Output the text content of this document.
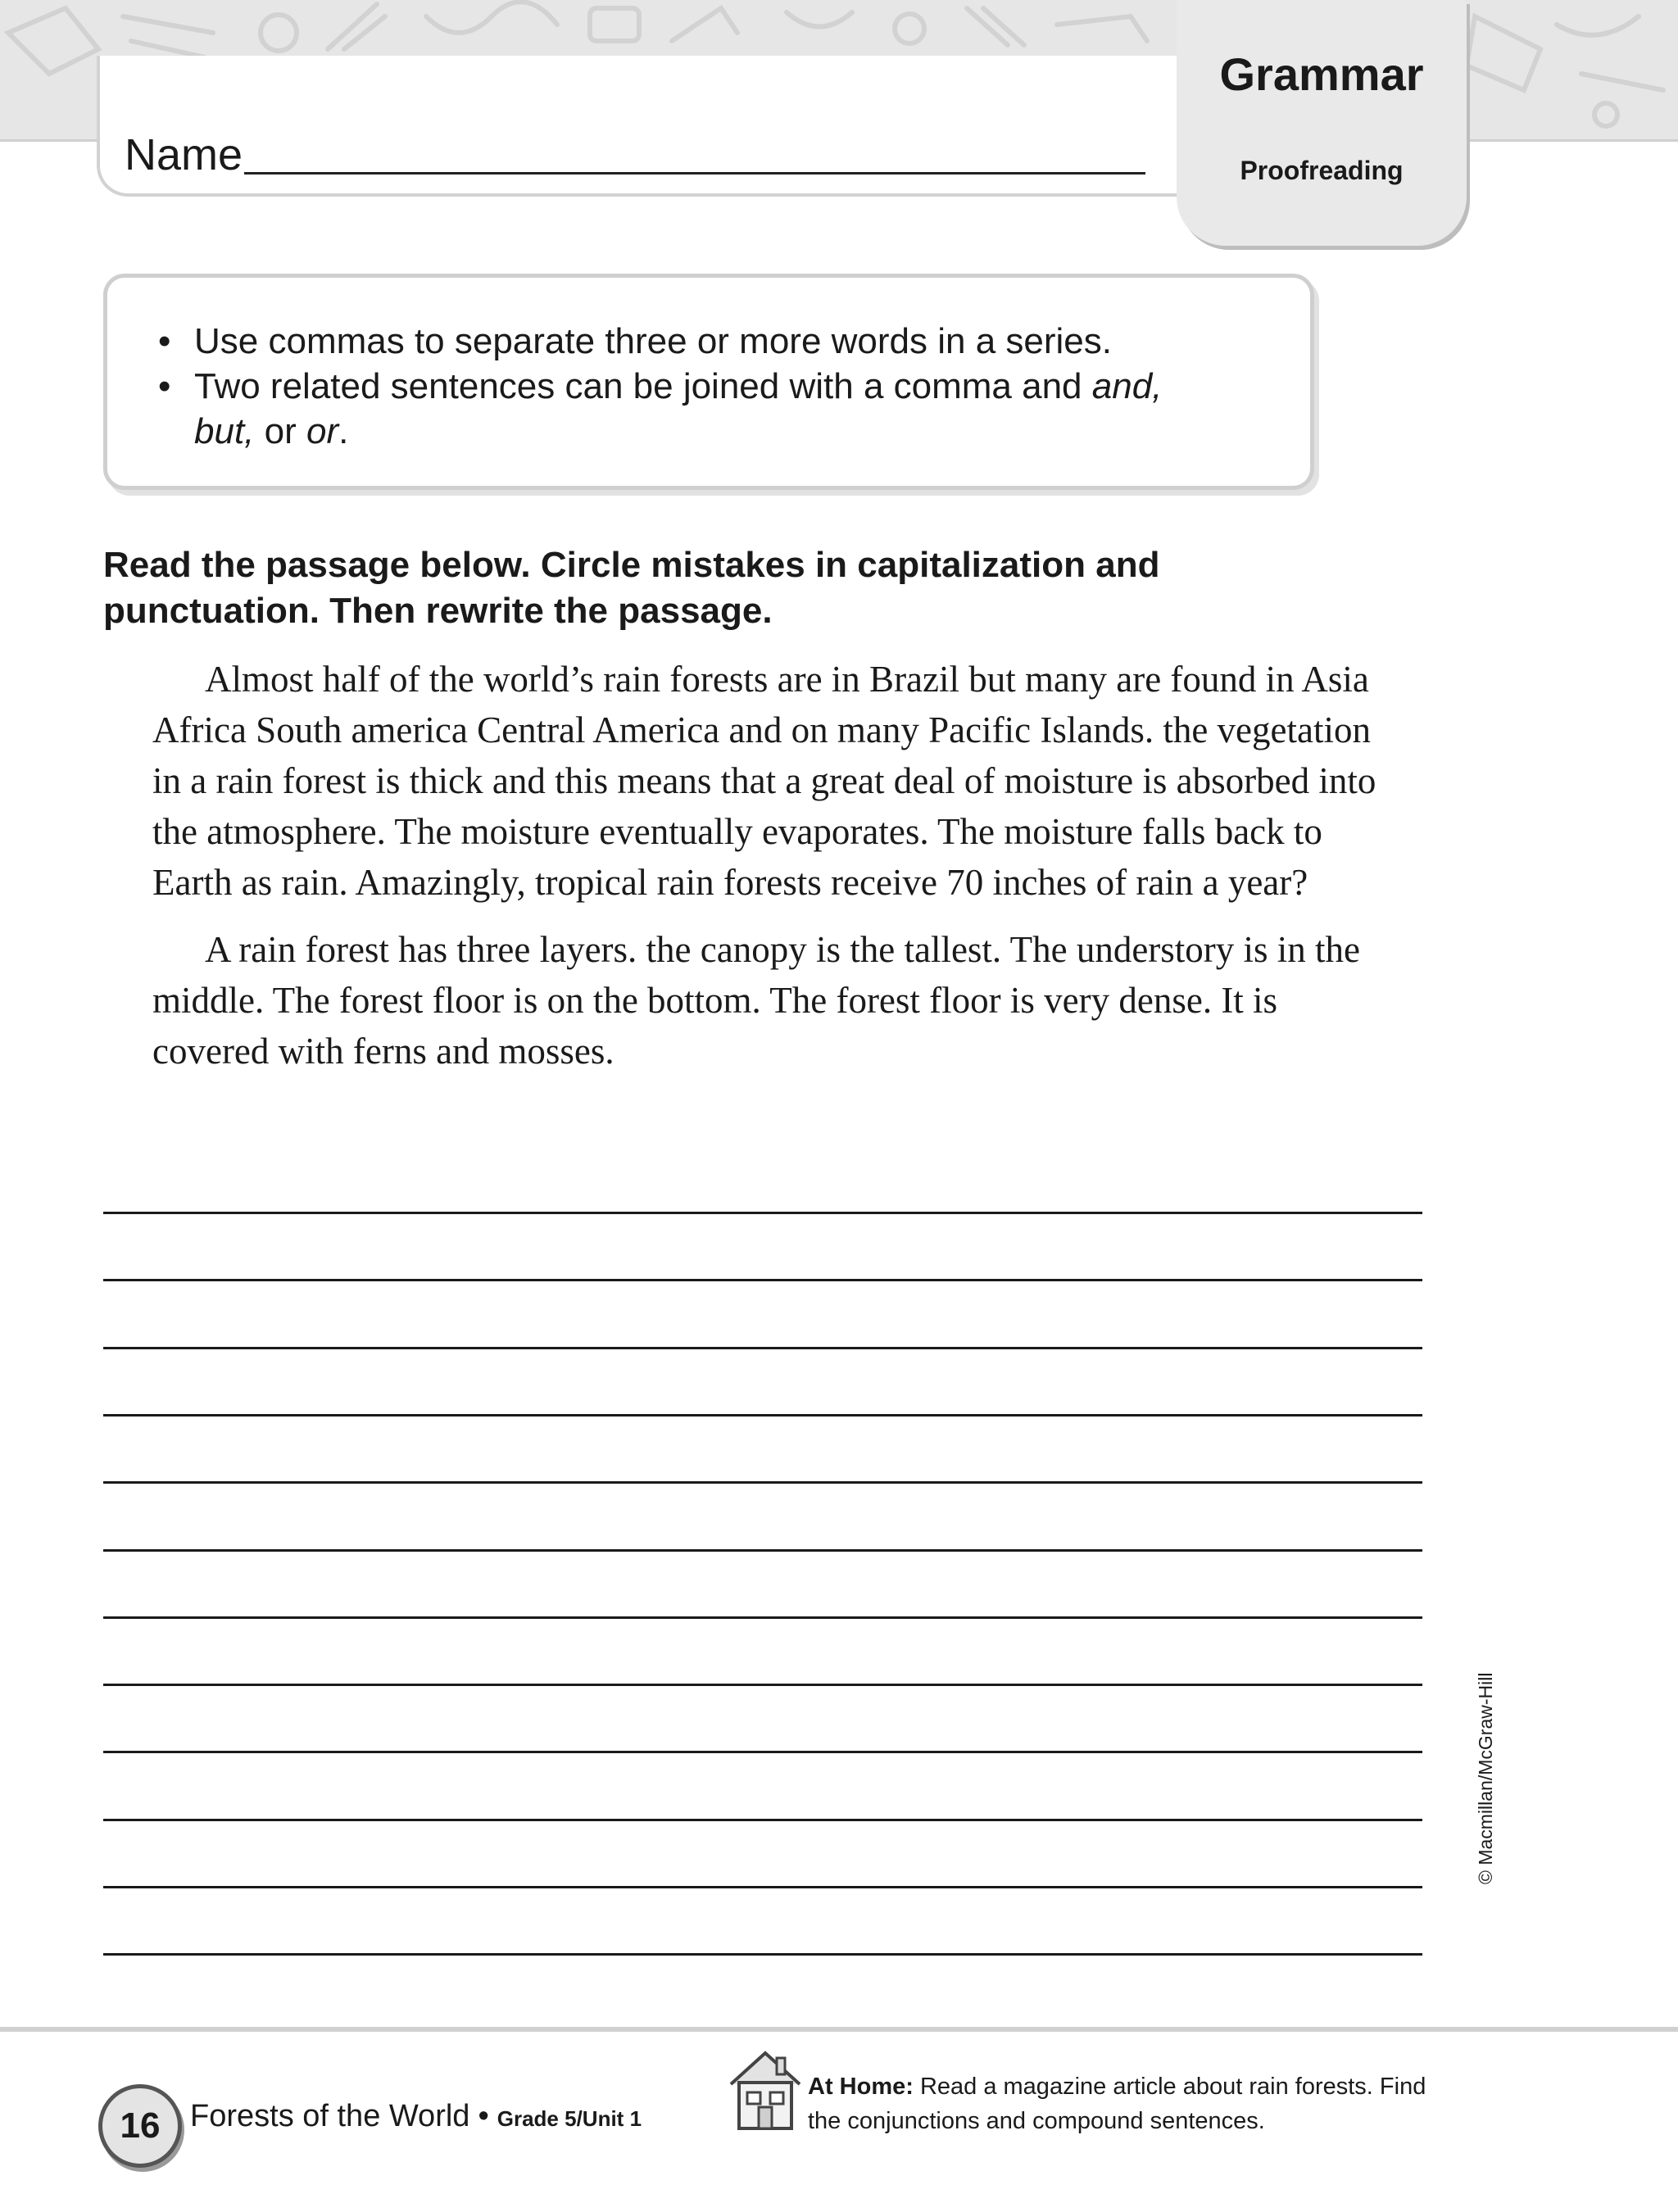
Name
Grammar
Proofreading
• Use commas to separate three or more words in a series.
• Two related sentences can be joined with a comma and and,
but, or or.
Read the passage below. Circle mistakes in capitalization and punctuation. Then rewrite the passage.

Almost half of the world’s rain forests are in Brazil but many are found in Asia Africa South america Central America and on many Pacific Islands. the vegetation in a rain forest is thick and this means that a great deal of moisture is absorbed into the atmosphere. The moisture eventually evaporates. The moisture falls back to Earth as rain. Amazingly, tropical rain forests receive 70 inches of rain a year?

A rain forest has three layers. the canopy is the tallest. The understory is in the middle. The forest floor is on the bottom. The forest floor is very dense. It is covered with ferns and mosses.

© Macmillan/McGraw-Hill
16 Forests of the World • Grade 5/Unit 1
At Home: Read a magazine article about rain forests. Find the conjunctions and compound sentences.
